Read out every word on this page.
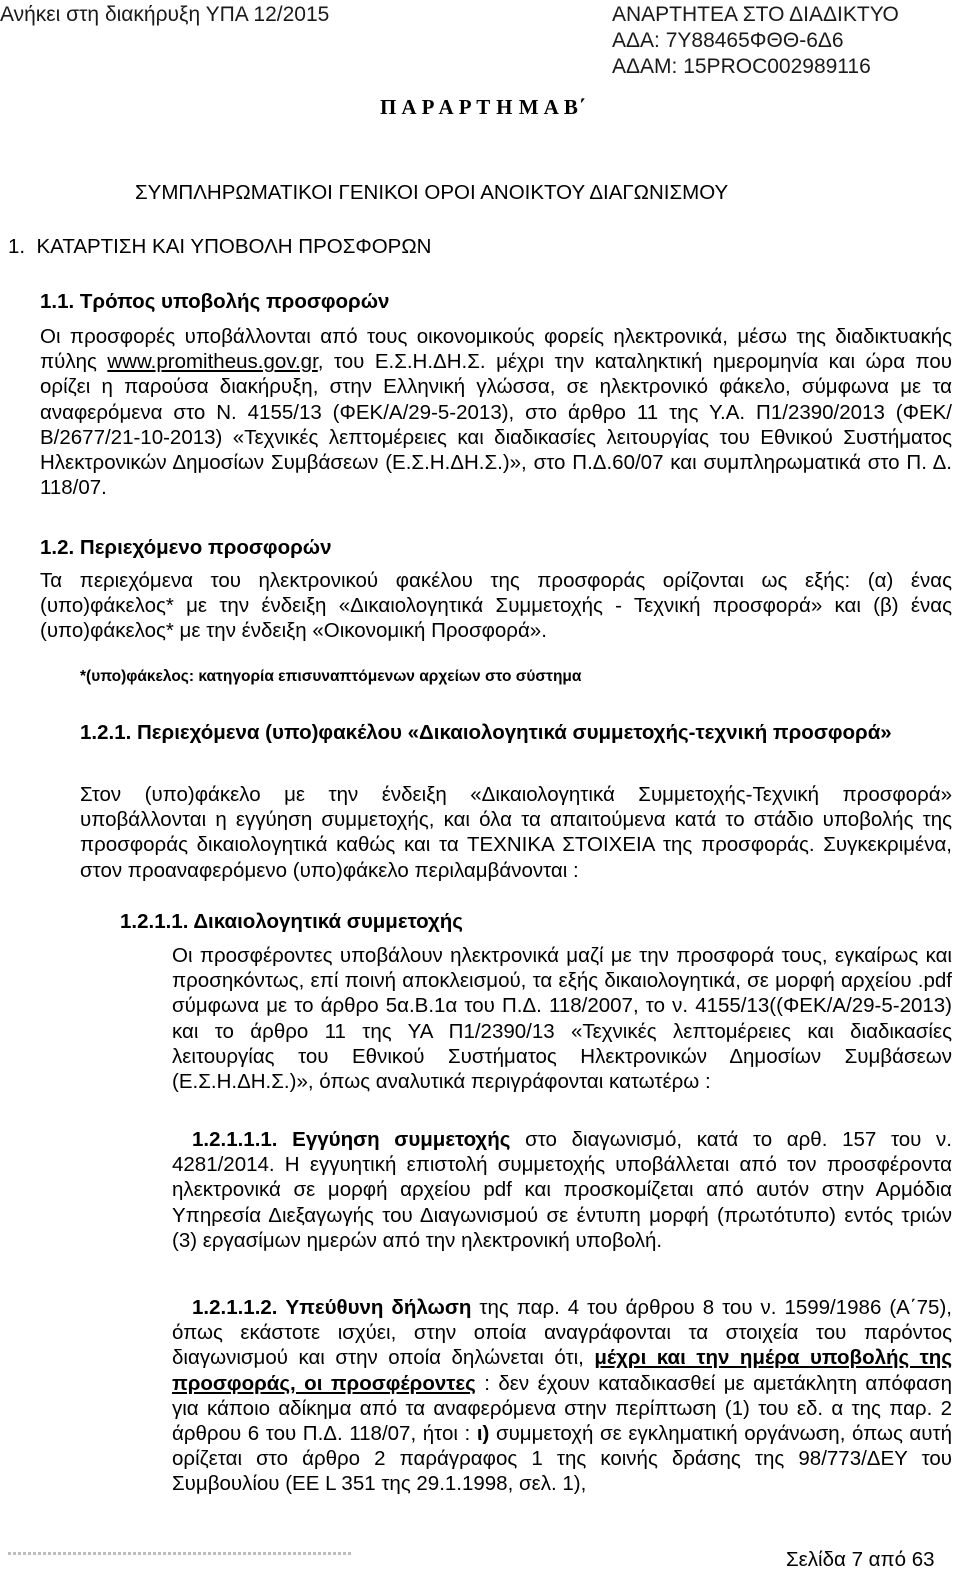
Ανήκει στη διακήρυξη ΥΠΑ 12/2015	ΑΝΑΡΤΗΤΕΑ ΣΤΟ ΔΙΑΔΙΚΤΥΟ
ΑΔΑ: 7Υ88465ΦΘΘ-6Δ6
ΑΔΑΜ: 15PROC002989116
Π Α Ρ Α Ρ Τ Η Μ Α Β΄
ΣΥΜΠΛΗΡΩΜΑΤΙΚΟΙ ΓΕΝΙΚΟΙ ΟΡΟΙ ΑΝΟΙΚΤΟΥ ΔΙΑΓΩΝΙΣΜΟΥ
1.  ΚΑΤΑΡΤΙΣΗ ΚΑΙ ΥΠΟΒΟΛΗ ΠΡΟΣΦΟΡΩΝ
1.1. Τρόπος υποβολής προσφορών

Οι προσφορές υποβάλλονται από τους οικονομικούς φορείς ηλεκτρονικά, μέσω της διαδικτυακής πύλης www.promitheus.gov.gr, του Ε.Σ.Η.ΔΗ.Σ. μέχρι την καταληκτική ημερομηνία και ώρα που ορίζει η παρούσα διακήρυξη, στην Ελληνική γλώσσα, σε ηλεκτρονικό φάκελο, σύμφωνα με τα αναφερόμενα στο Ν. 4155/13 (ΦΕΚ/Α/29-5-2013), στο άρθρο 11 της Υ.Α. Π1/2390/2013 (ΦΕΚ/Β/2677/21-10-2013) «Τεχνικές λεπτομέρειες και διαδικασίες λειτουργίας του Εθνικού Συστήματος Ηλεκτρονικών Δημοσίων Συμβάσεων (Ε.Σ.Η.ΔΗ.Σ.)», στο Π.Δ.60/07 και συμπληρωματικά στο Π. Δ. 118/07.

1.2. Περιεχόμενο προσφορών

Τα περιεχόμενα του ηλεκτρονικού φακέλου της προσφοράς ορίζονται ως εξής: (α) ένας (υπο)φάκελος* με την ένδειξη «Δικαιολογητικά Συμμετοχής - Τεχνική προσφορά» και (β) ένας (υπο)φάκελος* με την ένδειξη «Οικονομική Προσφορά».

*(υπο)φάκελος: κατηγορία επισυναπτόμενων αρχείων στο σύστημα

1.2.1. Περιεχόμενα (υπο)φακέλου «Δικαιολογητικά συμμετοχής-τεχνική προσφορά»

Στον (υπο)φάκελο με την ένδειξη «Δικαιολογητικά Συμμετοχής-Τεχνική προσφορά» υποβάλλονται η εγγύηση συμμετοχής, και όλα τα απαιτούμενα κατά το στάδιο υποβολής της προσφοράς δικαιολογητικά καθώς και τα ΤΕΧΝΙΚΑ ΣΤΟΙΧΕΙΑ της προσφοράς. Συγκεκριμένα, στον προαναφερόμενο (υπο)φάκελο περιλαμβάνονται :

1.2.1.1. Δικαιολογητικά συμμετοχής

Οι προσφέροντες υποβάλουν ηλεκτρονικά μαζί με την προσφορά τους, εγκαίρως και προσηκόντως, επί ποινή αποκλεισμού, τα εξής δικαιολογητικά, σε μορφή αρχείου .pdf σύμφωνα με το άρθρο 5α.Β.1α του Π.Δ. 118/2007, το ν. 4155/13((ΦΕΚ/Α/29-5-2013) και το άρθρο 11 της ΥΑ Π1/2390/13 «Τεχνικές λεπτομέρειες και διαδικασίες λειτουργίας του Εθνικού Συστήματος Ηλεκτρονικών Δημοσίων Συμβάσεων (Ε.Σ.Η.ΔΗ.Σ.)», όπως αναλυτικά περιγράφονται κατωτέρω :

1.2.1.1.1. Εγγύηση συμμετοχής στο διαγωνισμό, κατά το αρθ. 157 του ν. 4281/2014. Η εγγυητική επιστολή συμμετοχής υποβάλλεται από τον προσφέροντα ηλεκτρονικά σε μορφή αρχείου pdf και προσκομίζεται από αυτόν στην Αρμόδια Υπηρεσία Διεξαγωγής του Διαγωνισμού σε έντυπη μορφή (πρωτότυπο) εντός τριών (3) εργασίμων ημερών από την ηλεκτρονική υποβολή.

1.2.1.1.2. Υπεύθυνη δήλωση της παρ. 4 του άρθρου 8 του ν. 1599/1986 (Α΄75), όπως εκάστοτε ισχύει, στην οποία αναγράφονται τα στοιχεία του παρόντος διαγωνισμού και στην οποία δηλώνεται ότι, μέχρι και την ημέρα υποβολής της προσφοράς, οι προσφέροντες : δεν έχουν καταδικασθεί με αμετάκλητη απόφαση για κάποιο αδίκημα από τα αναφερόμενα στην περίπτωση (1) του εδ. α της παρ. 2 άρθρου 6 του Π.Δ. 118/07, ήτοι : ι) συμμετοχή σε εγκληματική οργάνωση, όπως αυτή ορίζεται στο άρθρο 2 παράγραφος 1 της κοινής δράσης της 98/773/ΔΕΥ του Συμβουλίου (ΕΕ L 351 της 29.1.1998, σελ. 1),

Σελίδα 7 από 63
